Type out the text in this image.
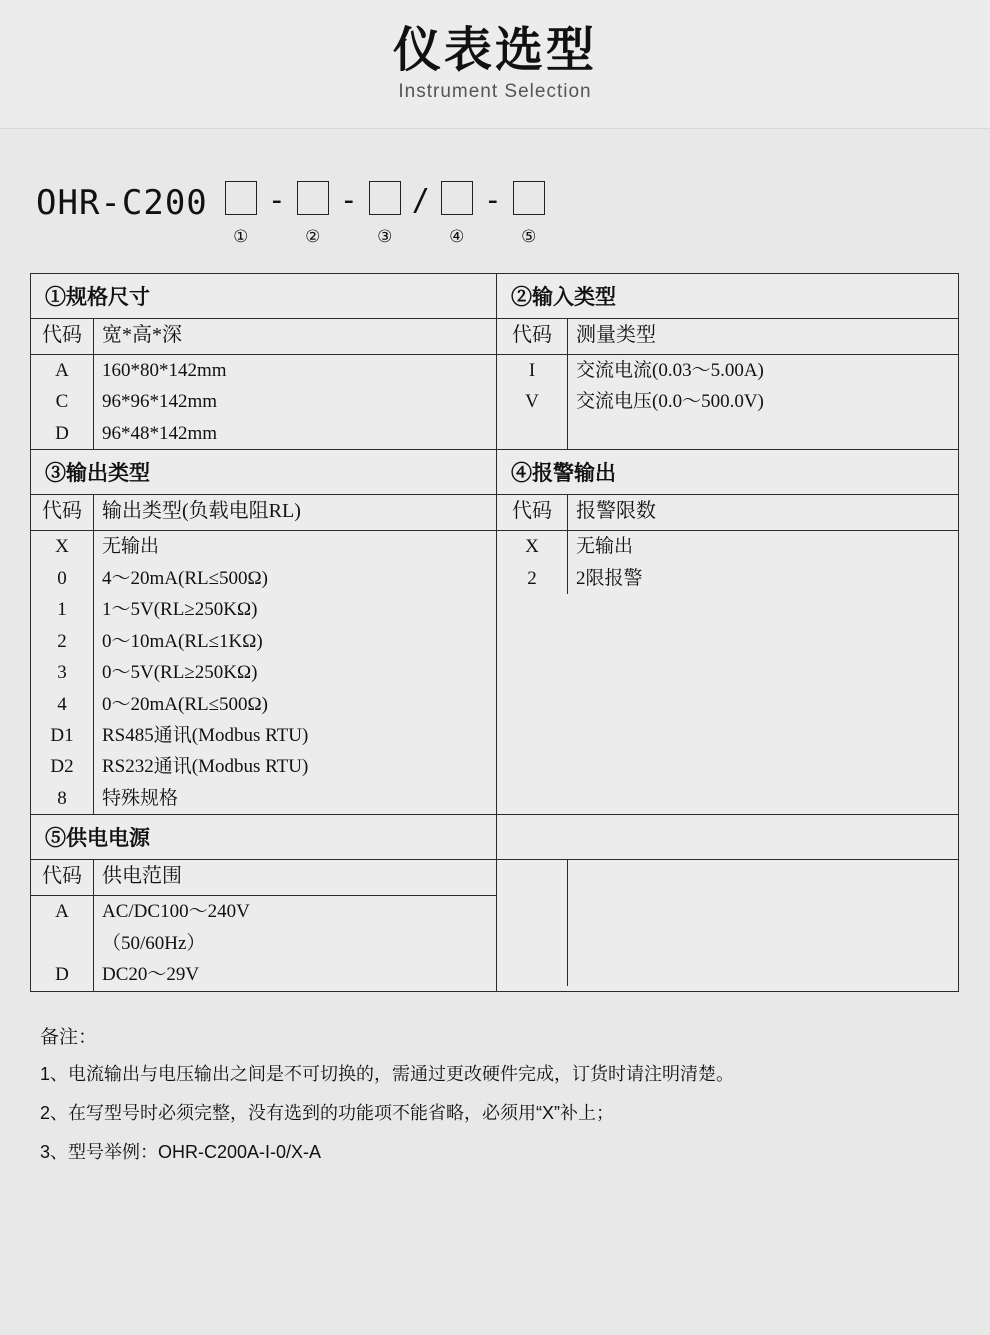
仪表选型
Instrument Selection
OHR-C200
①
-
②
-
③
/
④
-
⑤
①规格尺寸	②输入类型

代码	宽*高*深
A	160*80*142mm
C	96*96*142mm
D	96*48*142mm

代码	测量类型
I	交流电流(0.03～5.00A)
V	交流电压(0.0～500.0V)

③输出类型	④报警输出

代码	输出类型(负载电阻RL)
X	无输出
0	4～20mA(RL≤500Ω)
1	1～5V(RL≥250KΩ)
2	0～10mA(RL≤1KΩ)
3	0～5V(RL≥250KΩ)
4	0～20mA(RL≤500Ω)
D1	RS485通讯(Modbus RTU)
D2	RS232通讯(Modbus RTU)
8	特殊规格

代码	报警限数
X	无输出
2	2限报警

⑤供电电源

代码	供电范围
A	AC/DC100～240V
	（50/60Hz）
D	DC20～29V

备注：
1、电流输出与电压输出之间是不可切换的，需通过更改硬件完成，订货时请注明清楚。
2、在写型号时必须完整，没有选到的功能项不能省略，必须用“X”补上；
3、型号举例：OHR-C200A-I-0/X-A
